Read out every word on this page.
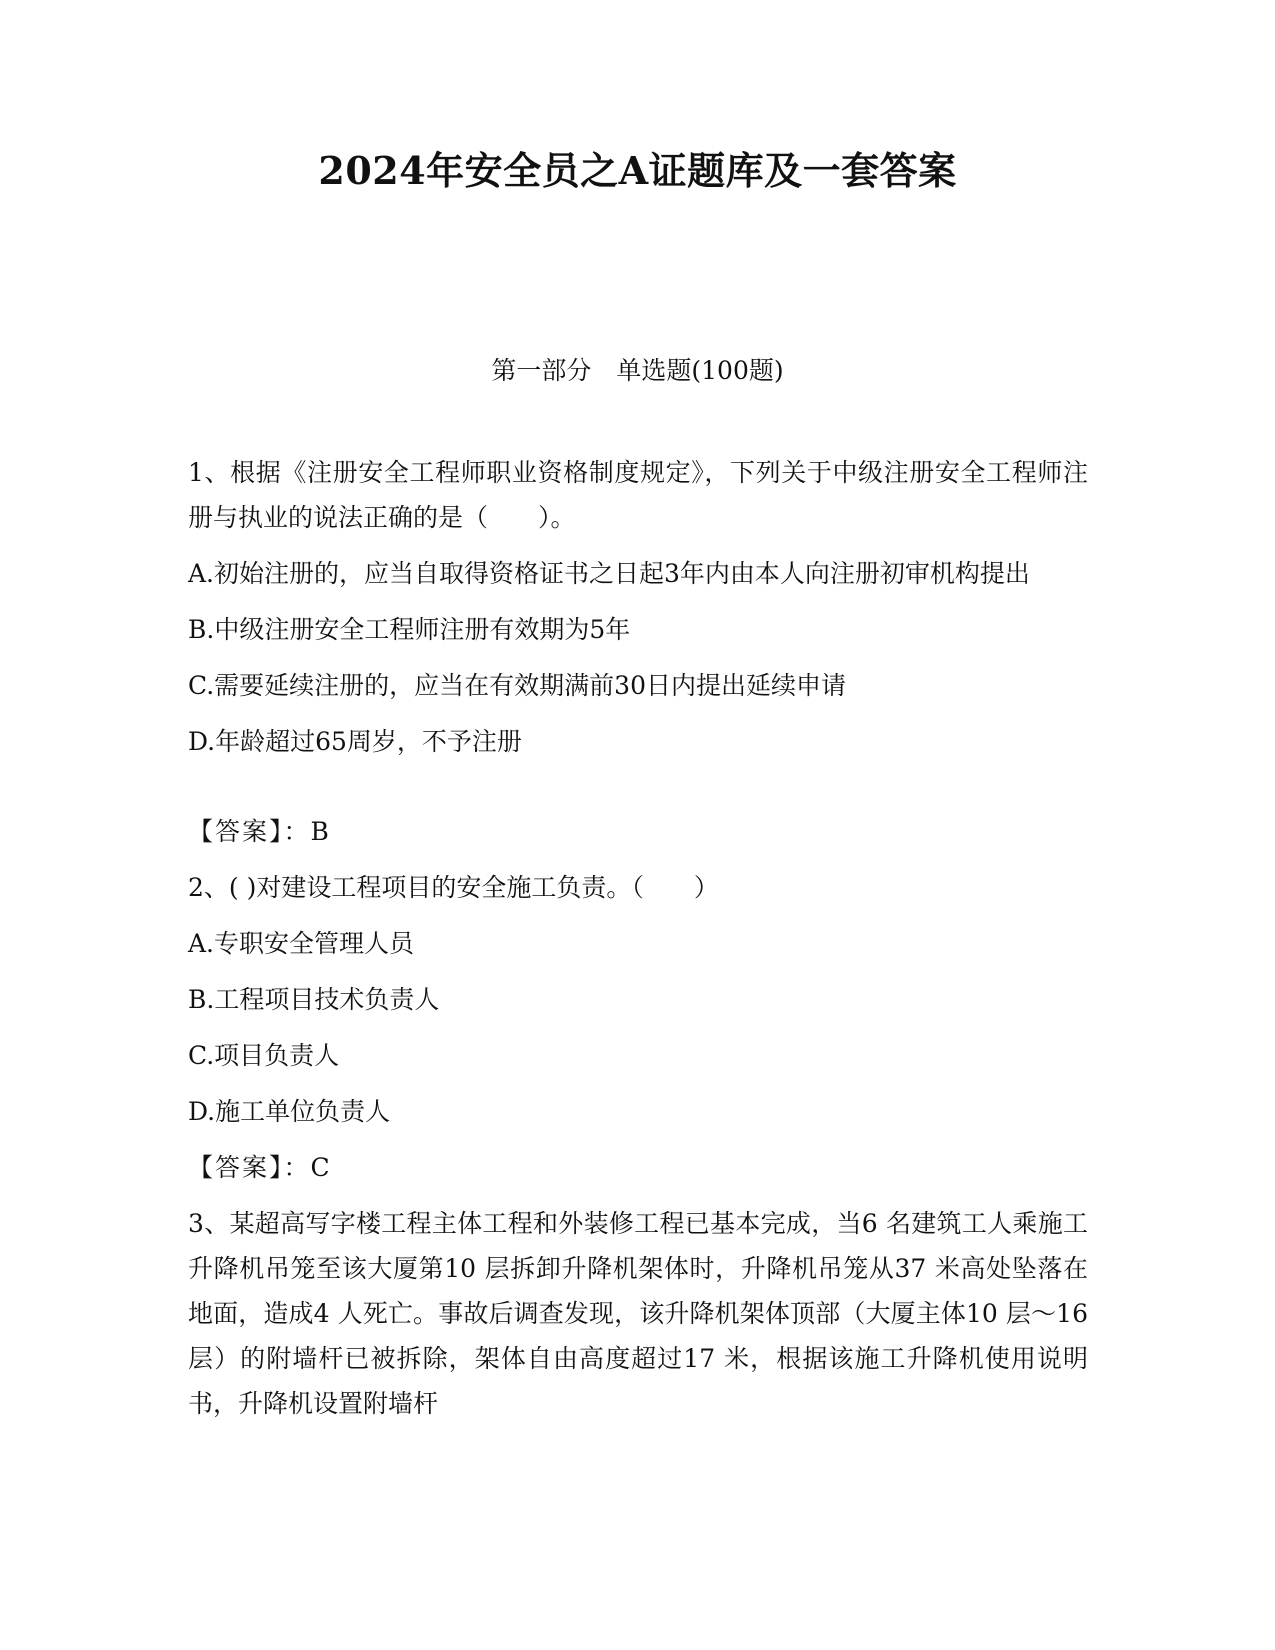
2024年安全员之A证题库及一套答案
第一部分　单选题(100题)

1、根据《注册安全工程师职业资格制度规定》，下列关于中级注册安全工程师注册与执业的说法正确的是（　　）。

A.初始注册的，应当自取得资格证书之日起3年内由本人向注册初审机构提出

B.中级注册安全工程师注册有效期为5年

C.需要延续注册的，应当在有效期满前30日内提出延续申请

D.年龄超过65周岁，不予注册

【答案】：B

2、( )对建设工程项目的安全施工负责。（　　）

A.专职安全管理人员

B.工程项目技术负责人

C.项目负责人

D.施工单位负责人

【答案】：C

3、某超高写字楼工程主体工程和外装修工程已基本完成，当6 名建筑工人乘施工升降机吊笼至该大厦第10 层拆卸升降机架体时，升降机吊笼从37 米高处坠落在地面，造成4 人死亡。事故后调查发现，该升降机架体顶部（大厦主体10 层～16 层）的附墙杆已被拆除，架体自由高度超过17 米，根据该施工升降机使用说明书，升降机设置附墙杆
